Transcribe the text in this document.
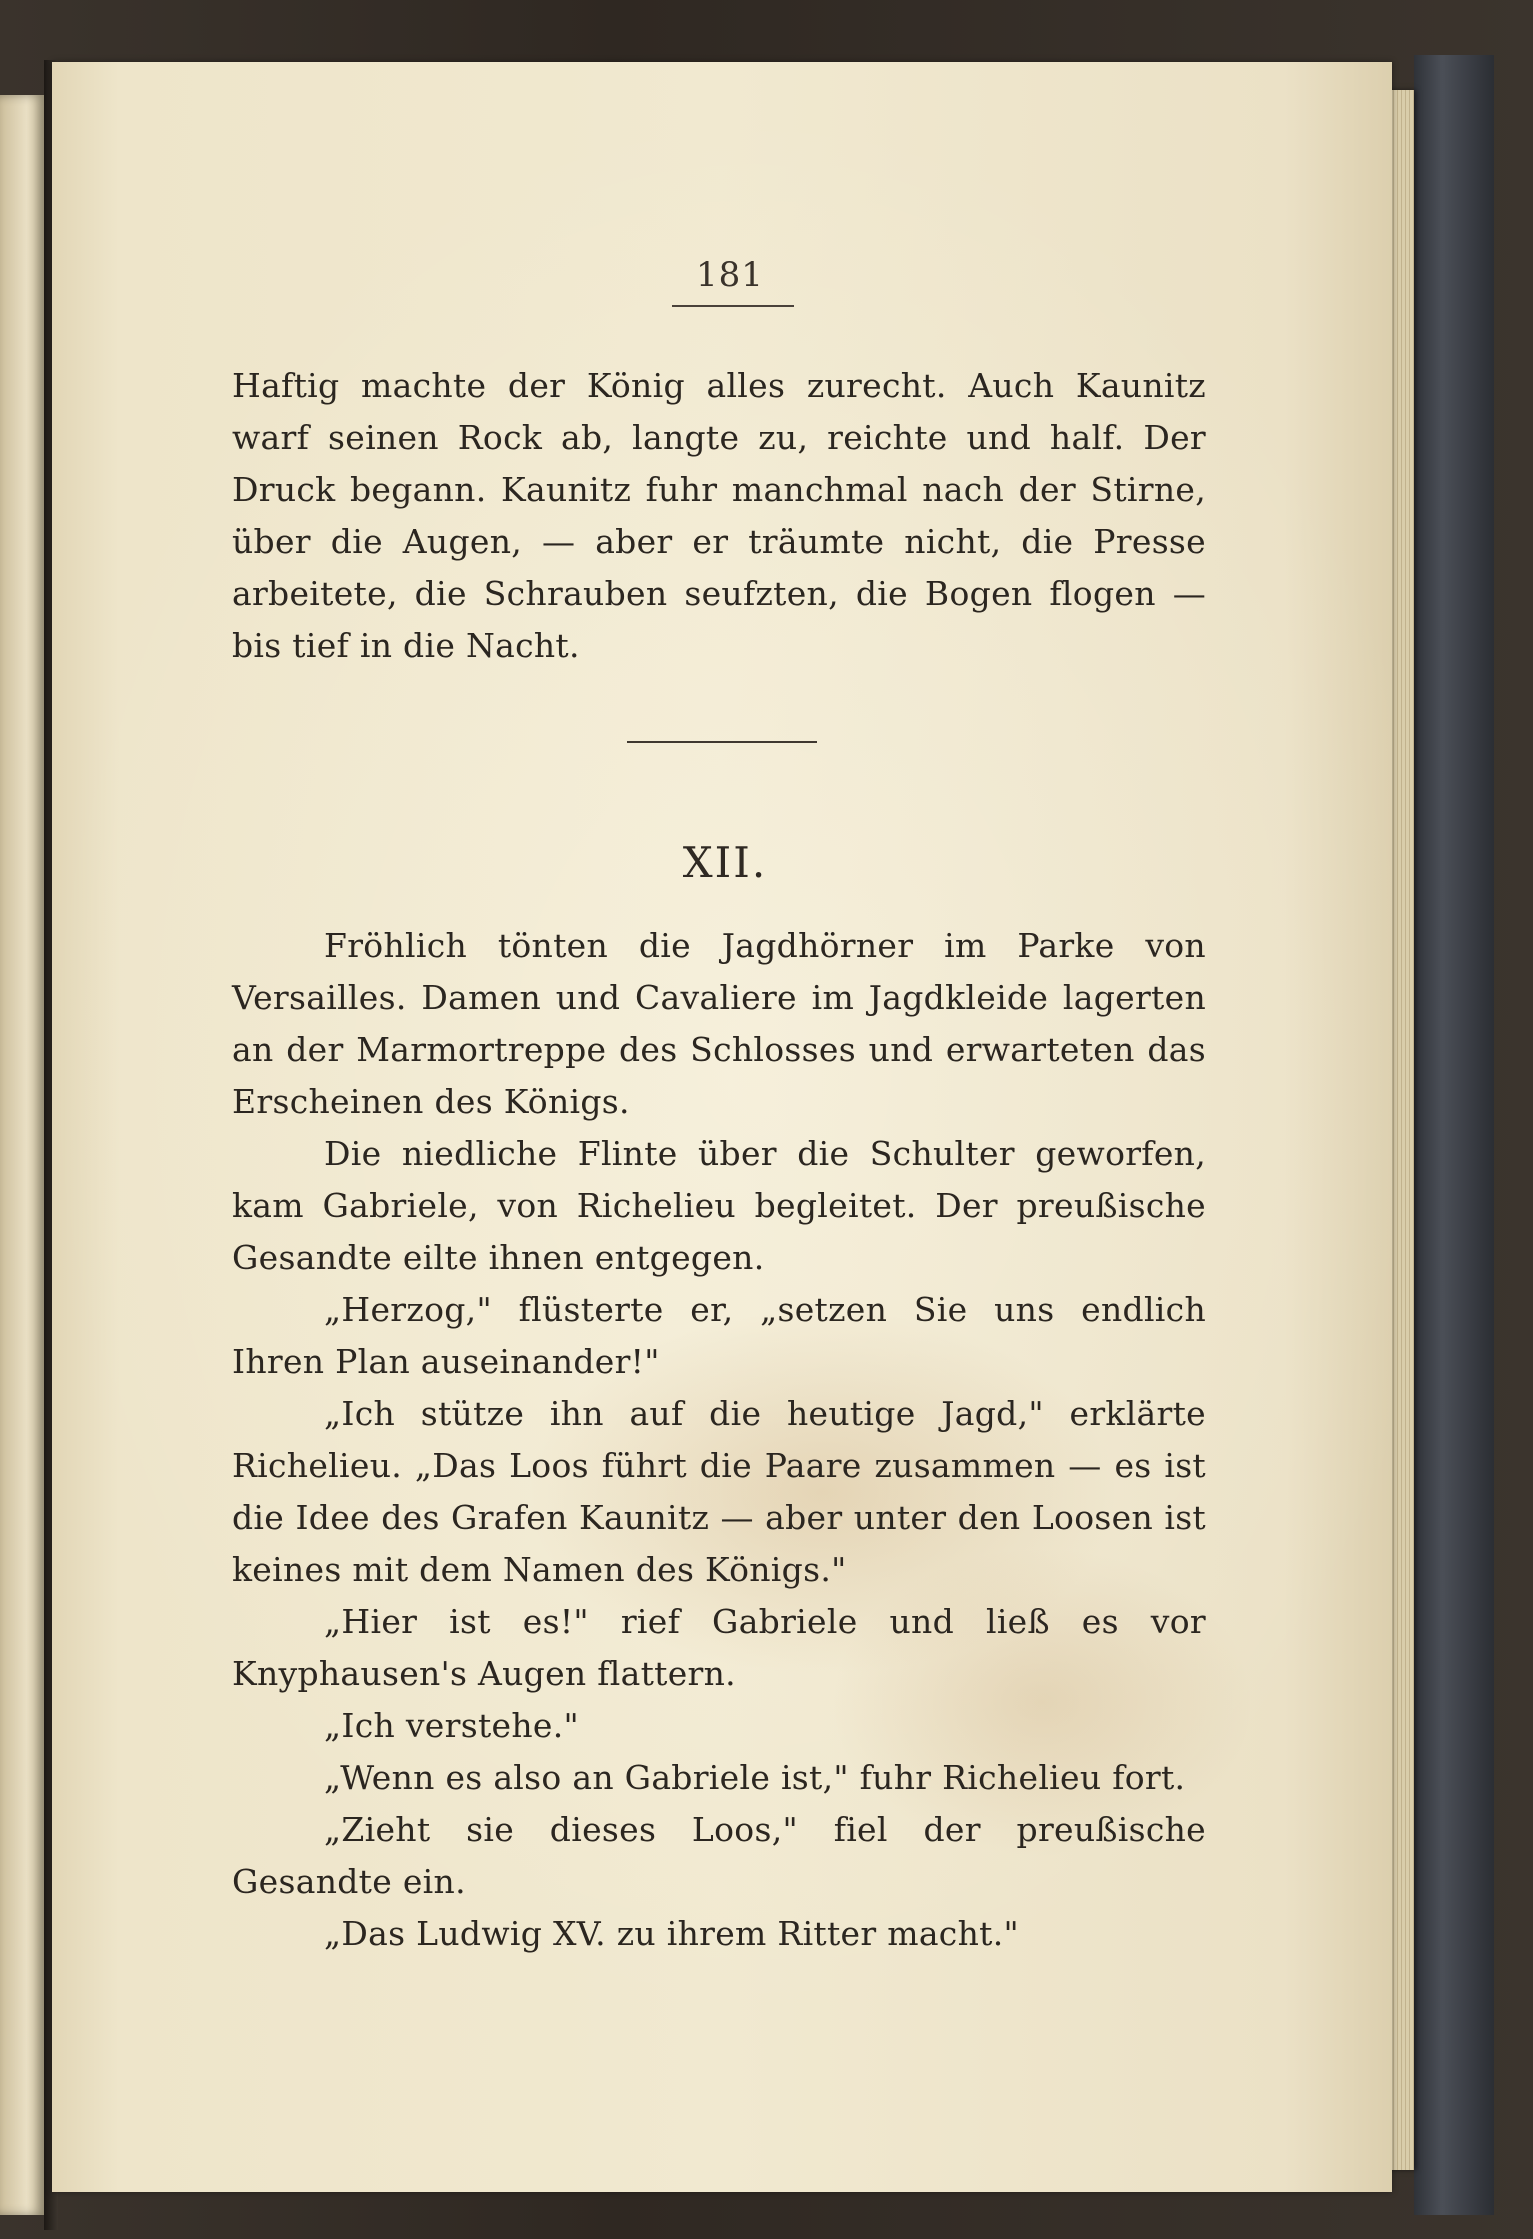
181

Haftig machte der König alles zurecht. Auch Kaunitz warf seinen Rock ab, langte zu, reichte und half. Der Druck begann. Kaunitz fuhr manchmal nach der Stirne, über die Augen, — aber er träumte nicht, die Presse arbeitete, die Schrauben seufzten, die Bogen flogen — bis tief in die Nacht.

XII.

Fröhlich tönten die Jagdhörner im Parke von Versailles. Damen und Cavaliere im Jagdkleide lagerten an der Marmortreppe des Schlosses und erwarteten das Erscheinen des Königs.

Die niedliche Flinte über die Schulter geworfen, kam Gabriele, von Richelieu begleitet. Der preußische Gesandte eilte ihnen entgegen.

„Herzog," flüsterte er, „setzen Sie uns endlich Ihren Plan auseinander!"

„Ich stütze ihn auf die heutige Jagd," erklärte Richelieu. „Das Loos führt die Paare zusammen — es ist die Idee des Grafen Kaunitz — aber unter den Loosen ist keines mit dem Namen des Königs."

„Hier ist es!" rief Gabriele und ließ es vor Knyphausen's Augen flattern.

„Ich verstehe."

„Wenn es also an Gabriele ist," fuhr Richelieu fort.

„Zieht sie dieses Loos," fiel der preußische Gesandte ein.

„Das Ludwig XV. zu ihrem Ritter macht."
